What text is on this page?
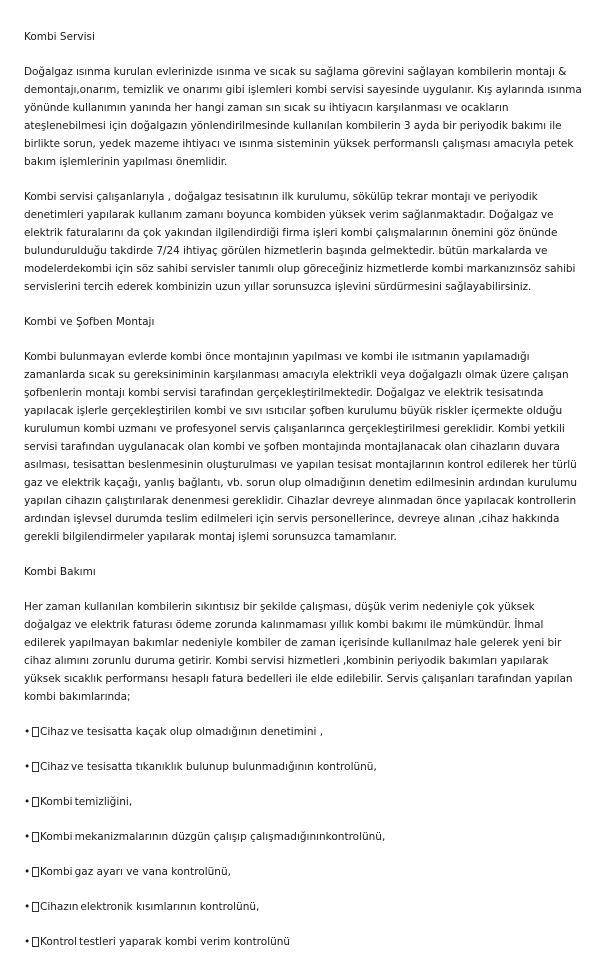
Kombi Servisi

Doğalgaz ısınma kurulan evlerinizde ısınma ve sıcak su sağlama görevini sağlayan kombilerin montajı & demontajı,onarım, temizlik ve onarımı gibi işlemleri kombi servisi sayesinde uygulanır. Kış aylarında ısınma yönünde kullanımın yanında her hangi zaman sın sıcak su ihtiyacın karşılanması ve ocakların ateşlenebilmesi için doğalgazın yönlendirilmesinde kullanılan kombilerin 3 ayda bir periyodik bakımı ile birlikte sorun, yedek mazeme ihtiyacı ve ısınma sisteminin yüksek performanslı çalışması amacıyla petek bakım işlemlerinin yapılması önemlidir.

Kombi servisi çalışanlarıyla , doğalgaz tesisatının ilk kurulumu, sökülüp tekrar montajı ve periyodik denetimleri yapılarak kullanım zamanı boyunca kombiden yüksek verim sağlanmaktadır. Doğalgaz ve elektrik faturalarını da çok yakından ilgilendirdiği firma işleri kombi çalışmalarının önemini göz önünde bulundurulduğu takdirde 7/24 ihtiyaç görülen hizmetlerin başında gelmektedir. bütün markalarda ve modelerdekombi için söz sahibi servisler tanımlı olup göreceğiniz hizmetlerde kombi markanızınsöz sahibi servislerini tercih ederek kombinizin uzun yıllar sorunsuzca işlevini sürdürmesini sağlayabilirsiniz.

Kombi ve Şofben Montajı

Kombi bulunmayan evlerde kombi önce montajının yapılması ve kombi ile ısıtmanın yapılamadığı zamanlarda sıcak su gereksiniminin karşılanması amacıyla elektrikli veya doğalgazlı olmak üzere çalışan şofbenlerin montajı kombi servisi tarafından gerçekleştirilmektedir. Doğalgaz ve elektrik tesisatında yapılacak işlerle gerçekleştirilen kombi ve sıvı ısıtıcılar şofben kurulumu büyük riskler içermekte olduğu kurulumun kombi uzmanı ve profesyonel servis çalışanlarınca gerçekleştirilmesi gereklidir. Kombi yetkili servisi tarafından uygulanacak olan kombi ve şofben montajında montajlanacak olan cihazların duvara asılması, tesisattan beslenmesinin oluşturulması ve yapılan tesisat montajlarının kontrol edilerek her türlü gaz ve elektrik kaçağı, yanlış bağlantı, vb. sorun olup olmadığının denetim edilmesinin ardından kurulumu yapılan cihazın çalıştırılarak denenmesi gereklidir. Cihazlar devreye alınmadan önce yapılacak kontrollerin ardından işlevsel durumda teslim edilmeleri için servis personellerince, devreye alınan ,cihaz hakkında gerekli bilgilendirmeler yapılarak montaj işlemi sorunsuzca tamamlanır.

Kombi Bakımı

Her zaman kullanılan kombilerin sıkıntısız bir şekilde çalışması, düşük verim nedeniyle çok yüksek doğalgaz ve elektrik faturası ödeme zorunda kalınmaması yıllık kombi bakımı ile mümkündür. İhmal edilerek yapılmayan bakımlar nedeniyle kombiler de zaman içerisinde kullanılmaz hale gelerek yeni bir cihaz alımını zorunlu duruma getirir. Kombi servisi hizmetleri ,kombinin periyodik bakımları yapılarak yüksek sıcaklık performansı hesaplı fatura bedelleri ile elde edilebilir. Servis çalışanları tarafından yapılan kombi bakımlarında;

• Cihaz ve tesisatta kaçak olup olmadığının denetimini ,
• Cihaz ve tesisatta tıkanıklık bulunup bulunmadığının kontrolünü,
• Kombi temizliğini,
• Kombi mekanizmalarının düzgün çalışıp çalışmadığınınkontrolünü,
• Kombi gaz ayarı ve vana kontrolünü,
• Cihazın elektronik kısımlarının kontrolünü,
• Kontrol testleri yaparak kombi verim kontrolünü
